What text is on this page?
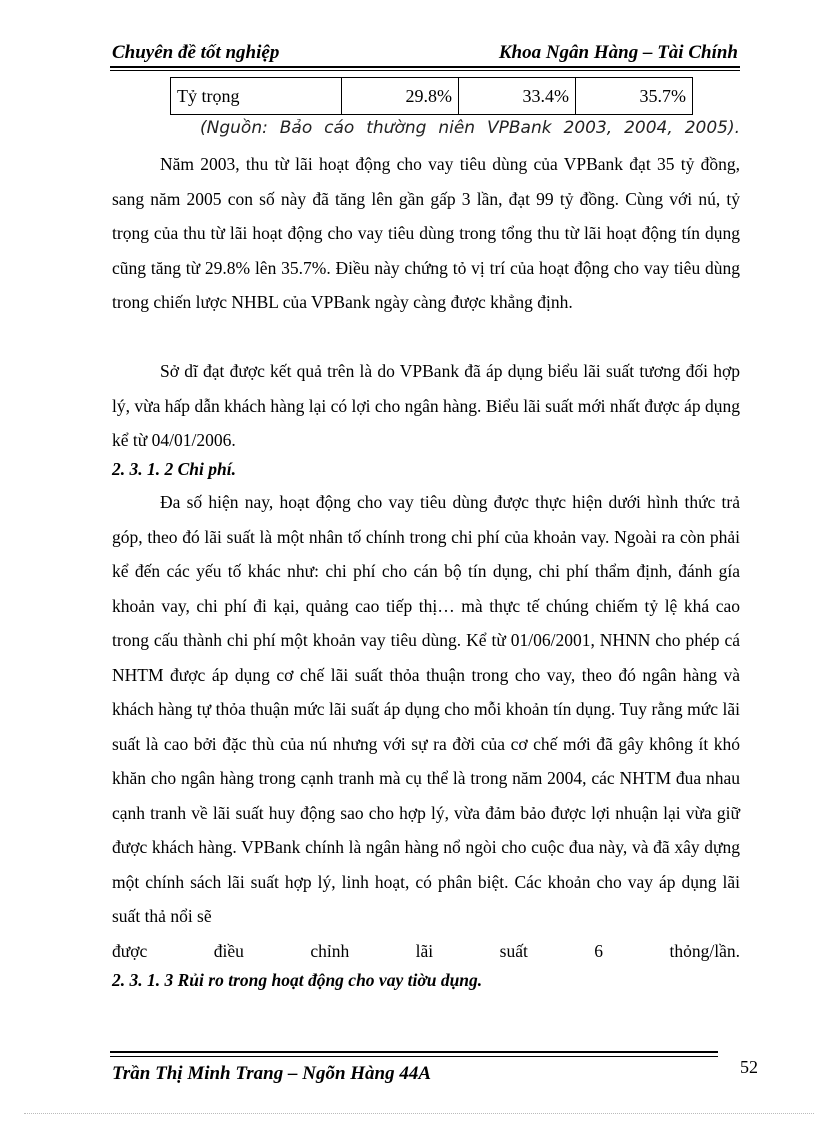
Chuyên đề tốt nghiệp	Khoa Ngân Hàng – Tài Chính
Tỷ trọng	29.8%	33.4%	35.7%
(Nguồn: Bảo cáo thường niên VPBank 2003, 2004, 2005).

Năm 2003, thu từ lãi hoạt động cho vay tiêu dùng của VPBank đạt 35 tỷ đồng, sang năm 2005 con số này đã tăng lên gần gấp 3 lần, đạt 99 tỷ đồng. Cùng với nú, tỷ trọng của thu từ lãi hoạt động cho vay tiêu dùng trong tổng thu từ lãi hoạt động tín dụng cũng tăng từ 29.8% lên 35.7%. Điều này chứng tỏ vị trí của hoạt động cho vay tiêu dùng trong chiến lược NHBL của VPBank ngày càng được khẳng định.

Sở dĩ đạt được kết quả trên là do VPBank đã áp dụng biểu lãi suất tương đối hợp lý, vừa hấp dẫn khách hàng lại có lợi cho ngân hàng. Biểu lãi suất mới nhất được áp dụng kể từ 04/01/2006.

2. 3. 1. 2 Chi phí.

Đa số hiện nay, hoạt động cho vay tiêu dùng được thực hiện dưới hình thức trả góp, theo đó lãi suất là một nhân tố chính trong chi phí của khoản vay. Ngoài ra còn phải kể đến các yếu tố khác như: chi phí cho cán bộ tín dụng, chi phí thẩm định, đánh gía khoản vay, chi phí đi kại, quảng cao tiếp thị… mà thực tế chúng chiếm tỷ lệ khá cao trong cấu thành chi phí một khoản vay tiêu dùng. Kể từ 01/06/2001, NHNN cho phép cá NHTM được áp dụng cơ chế lãi suất thỏa thuận trong cho vay, theo đó ngân hàng và khách hàng tự thỏa thuận mức lãi suất áp dụng cho mỗi khoản tín dụng. Tuy rằng mức lãi suất là cao bởi đặc thù của nú nhưng với sự ra đời của cơ chế mới đã gây không ít khó khăn cho ngân hàng trong cạnh tranh mà cụ thể là trong năm 2004, các NHTM đua nhau cạnh tranh về lãi suất huy động sao cho hợp lý, vừa đảm bảo được lợi nhuận lại vừa giữ được khách hàng. VPBank chính là ngân hàng nổ ngòi cho cuộc đua này, và đã xây dựng một chính sách lãi suất hợp lý, linh hoạt, có phân biệt. Các khoản cho vay áp dụng lãi suất thả nổi sẽ
được điều chỉnh lãi suất 6 thỏng/lần.

2. 3. 1. 3 Rủi ro trong hoạt động cho vay tiờu dụng.

Trần Thị Minh Trang – Ngõn Hàng 44A	52
